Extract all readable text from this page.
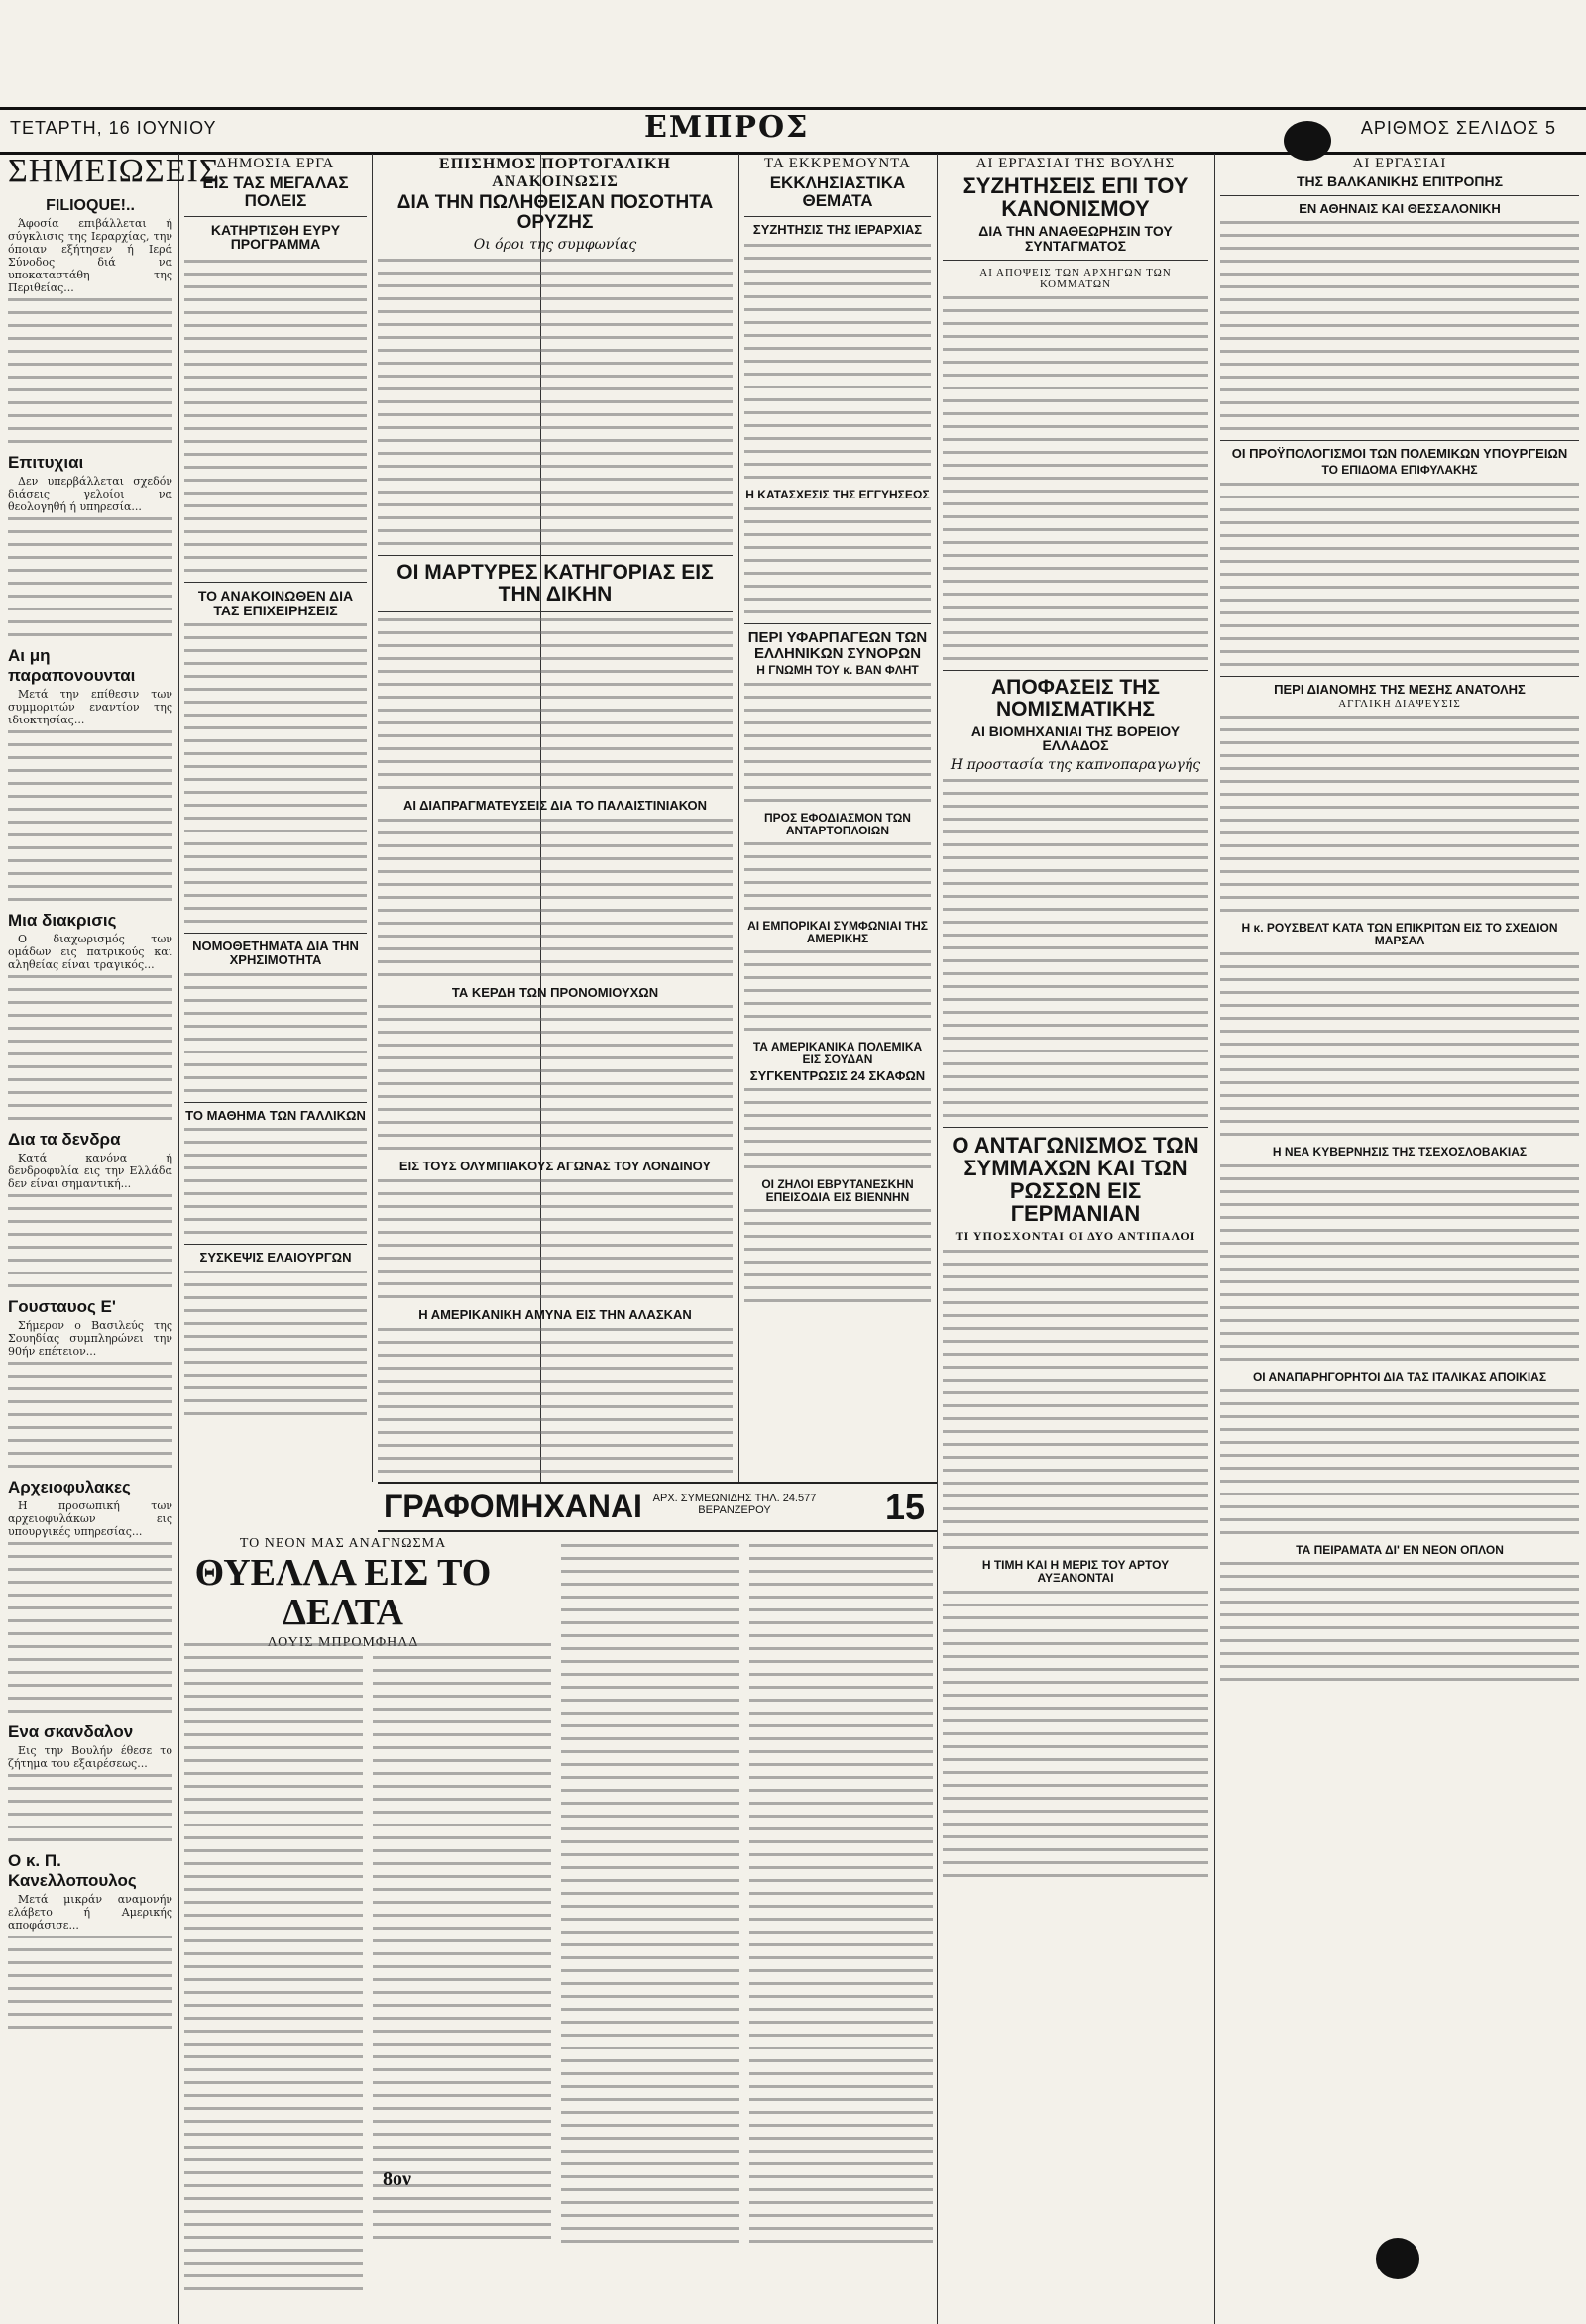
ΤΕΤΑΡΤΗ, 16 ΙΟΥΝΙΟΥ	ΕΜΠΡΟΣ	ΑΡΙΘΜΟΣ ΣΕΛΙΔΟΣ 5
ΣΗΜΕΙΩΣΕΙΣ
FILIOQUE!..

Άφοσία επιβάλλεται ή σύγκλισις της Ιεραρχίας, την όποιαν εξήτησεν ή Ιερά Σύνοδος διά να υποκαταστάθη της Περιθείας...

Επιτυχιαι

Δεν υπερβάλλεται σχεδόν διάσεις γελοίοι να θεολογηθή ή υπηρεσία...

Αι μη παραπονουνται

Μετά την επίθεσιν των συμμοριτών εναντίον της ιδιοκτησίας...

Μια διακρισις

Ο διαχωρισμός των ομάδων εις πατρικούς και αληθείας είναι τραγικός...

Δια τα δενδρα

Κατά κανόνα ή δενδροφυλία εις την Ελλάδα δεν είναι σημαντική...

Γουσταυος Ε'

Σήμερον ο Βασιλεύς της Σουηδίας συμπληρώνει την 90ήν επέτειον...

Αρχειοφυλακες

Η προσωπική των αρχειοφυλάκων εις υπουργικές υπηρεσίας...

Ενα σκανδαλον

Εις την Βουλήν έθεσε το ζήτημα του εξαιρέσεως...

Ο κ. Π. Κανελλοπουλος

Μετά μικράν αναμονήν ελάβετο ή Αμερικής αποφάσισε...

ΔΗΜΟΣΙΑ ΕΡΓΑ
ΕΙΣ ΤΑΣ ΜΕΓΑΛΑΣ ΠΟΛΕΙΣ
ΚΑΤΗΡΤΙΣΘΗ ΕΥΡΥ ΠΡΟΓΡΑΜΜΑ
ΤΟ ΑΝΑΚΟΙΝΩΘΕΝ ΔΙΑ ΤΑΣ ΕΠΙΧΕΙΡΗΣΕΙΣ
ΝΟΜΟΘΕΤΗΜΑΤΑ ΔΙΑ ΤΗΝ ΧΡΗΣΙΜΟΤΗΤΑ
ΤΟ ΜΑΘΗΜΑ ΤΩΝ ΓΑΛΛΙΚΩΝ
ΣΥΣΚΕΨΙΣ ΕΛΑΙΟΥΡΓΩΝ
ΕΠΙΣΗΜΟΣ ΠΟΡΤΟΓΑΛΙΚΗ ΑΝΑΚΟΙΝΩΣΙΣ
ΔΙΑ ΤΗΝ ΠΩΛΗΘΕΙΣΑΝ ΠΟΣΟΤΗΤΑ ΟΡΥΖΗΣ
Οι όροι της συμφωνίας
ΟΙ ΜΑΡΤΥΡΕΣ ΚΑΤΗΓΟΡΙΑΣ ΕΙΣ ΤΗΝ ΔΙΚΗΝ
ΑΙ ΔΙΑΠΡΑΓΜΑΤΕΥΣΕΙΣ ΔΙΑ ΤΟ ΠΑΛΑΙΣΤΙΝΙΑΚΟΝ
ΤΑ ΚΕΡΔΗ ΤΩΝ ΠΡΟΝΟΜΙΟΥΧΩΝ
ΕΙΣ ΤΟΥΣ ΟΛΥΜΠΙΑΚΟΥΣ ΑΓΩΝΑΣ ΤΟΥ ΛΟΝΔΙΝΟΥ
Η ΑΜΕΡΙΚΑΝΙΚΗ ΑΜΥΝΑ ΕΙΣ ΤΗΝ ΑΛΑΣΚΑΝ
ΤΑ ΕΚΚΡΕΜΟΥΝΤΑ
ΕΚΚΛΗΣΙΑΣΤΙΚΑ ΘΕΜΑΤΑ
ΣΥΖΗΤΗΣΙΣ ΤΗΣ ΙΕΡΑΡΧΙΑΣ
Η ΚΑΤΑΣΧΕΣΙΣ ΤΗΣ ΕΓΓΥΗΣΕΩΣ
ΠΕΡΙ ΥΦΑΡΠΑΓΕΩΝ ΤΩΝ ΕΛΛΗΝΙΚΩΝ ΣΥΝΟΡΩΝ
Η ΓΝΩΜΗ ΤΟΥ κ. ΒΑΝ ΦΛΗΤ
ΠΡΟΣ ΕΦΟΔΙΑΣΜΟΝ ΤΩΝ ΑΝΤΑΡΤΟΠΛΟΙΩΝ
ΑΙ ΕΜΠΟΡΙΚΑΙ ΣΥΜΦΩΝΙΑΙ ΤΗΣ ΑΜΕΡΙΚΗΣ
ΤΑ ΑΜΕΡΙΚΑΝΙΚΑ ΠΟΛΕΜΙΚΑ ΕΙΣ ΣΟΥΔΑΝ
ΣΥΓΚΕΝΤΡΩΣΙΣ 24 ΣΚΑΦΩΝ
ΟΙ ΖΗΛΟΙ ΕΒΡΥΤΑΝΕΣΚΗΝ ΕΠΕΙΣΟΔΙΑ ΕΙΣ ΒΙΕΝΝΗΝ
ΑΙ ΕΡΓΑΣΙΑΙ ΤΗΣ ΒΟΥΛΗΣ
ΣΥΖΗΤΗΣΕΙΣ ΕΠΙ ΤΟΥ ΚΑΝΟΝΙΣΜΟΥ
ΔΙΑ ΤΗΝ ΑΝΑΘΕΩΡΗΣΙΝ ΤΟΥ ΣΥΝΤΑΓΜΑΤΟΣ
ΑΙ ΑΠΟΨΕΙΣ ΤΩΝ ΑΡΧΗΓΩΝ ΤΩΝ ΚΟΜΜΑΤΩΝ
ΑΠΟΦΑΣΕΙΣ ΤΗΣ ΝΟΜΙΣΜΑΤΙΚΗΣ
ΑΙ ΒΙΟΜΗΧΑΝΙΑΙ ΤΗΣ ΒΟΡΕΙΟΥ ΕΛΛΑΔΟΣ
Η προστασία της καπνοπαραγωγής
Ο ΑΝΤΑΓΩΝΙΣΜΟΣ ΤΩΝ ΣΥΜΜΑΧΩΝ ΚΑΙ ΤΩΝ ΡΩΣΣΩΝ ΕΙΣ ΓΕΡΜΑΝΙΑΝ
ΤΙ ΥΠΟΣΧΟΝΤΑΙ ΟΙ ΔΥΟ ΑΝΤΙΠΑΛΟΙ
Η ΤΙΜΗ ΚΑΙ Η ΜΕΡΙΣ ΤΟΥ ΑΡΤΟΥ ΑΥΞΑΝΟΝΤΑΙ
ΑΙ ΕΡΓΑΣΙΑΙ
ΤΗΣ ΒΑΛΚΑΝΙΚΗΣ ΕΠΙΤΡΟΠΗΣ
ΕΝ ΑΘΗΝΑΙΣ ΚΑΙ ΘΕΣΣΑΛΟΝΙΚΗ
ΟΙ ΠΡΟΫΠΟΛΟΓΙΣΜΟΙ ΤΩΝ ΠΟΛΕΜΙΚΩΝ ΥΠΟΥΡΓΕΙΩΝ
ΤΟ ΕΠΙΔΟΜΑ ΕΠΙΦΥΛΑΚΗΣ
ΠΕΡΙ ΔΙΑΝΟΜΗΣ ΤΗΣ ΜΕΣΗΣ ΑΝΑΤΟΛΗΣ
ΑΓΓΛΙΚΗ ΔΙΑΨΕΥΣΙΣ
Η κ. ΡΟΥΣΒΕΛΤ ΚΑΤΑ ΤΩΝ ΕΠΙΚΡΙΤΩΝ ΕΙΣ ΤΟ ΣΧΕΔΙΟΝ ΜΑΡΣΑΛ
Η ΝΕΑ ΚΥΒΕΡΝΗΣΙΣ ΤΗΣ ΤΣΕΧΟΣΛΟΒΑΚΙΑΣ
ΟΙ ΑΝΑΠΑΡΗΓΟΡΗΤΟΙ ΔΙΑ ΤΑΣ ΙΤΑΛΙΚΑΣ ΑΠΟΙΚΙΑΣ
ΤΑ ΠΕΙΡΑΜΑΤΑ ΔΙ' ΕΝ ΝΕΟΝ ΟΠΛΟΝ
ΓΡΑΦΟΜΗΧΑΝΑΙ ΑΡΧ. ΣΥΜΕΩΝΙΔΗΣ ΤΗΛ. 24.577 ΒΕΡΑΝΖΕΡΟΥ	15
ΤΟ ΝΕΟΝ ΜΑΣ ΑΝΑΓΝΩΣΜΑ
ΘΥΕΛΛΑ ΕΙΣ ΤΟ ΔΕΛΤΑ
ΜΠΡΟΜΦΗΛΔ
8ον
